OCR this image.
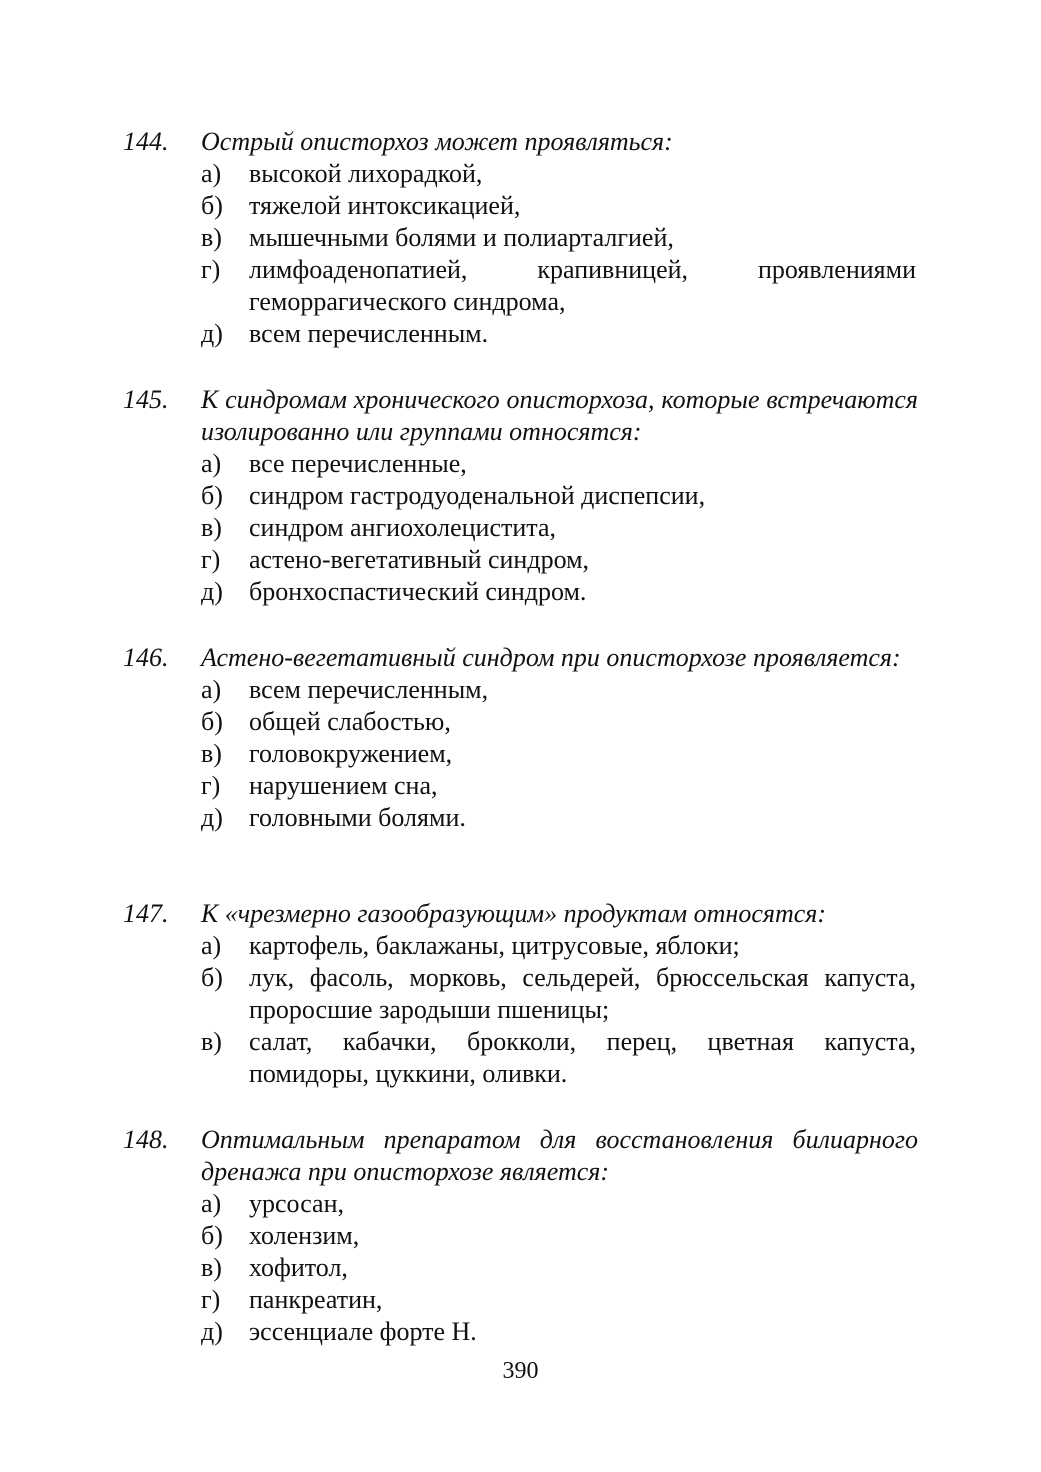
144.	Острый описторхоз может проявляться:
а)	высокой лихорадкой,
б)	тяжелой интоксикацией,
в)	мышечными болями и полиарталгией,
г)	лимфоаденопатией, крапивницей, проявлениями геморрагического синдрома,
д)	всем перечисленным.
145.	К синдромам хронического описторхоза, которые встречаются изолированно или группами относятся:
а)	все перечисленные,
б)	синдром гастродуоденальной диспепсии,
в)	синдром ангиохолецистита,
г)	астено-вегетативный синдром,
д)	бронхоспастический синдром.
146.	Астено-вегетативный синдром при описторхозе проявляется:
а)	всем перечисленным,
б)	общей слабостью,
в)	головокружением,
г)	нарушением сна,
д)	головными болями.
147.	К «чрезмерно газообразующим» продуктам относятся:
а)	картофель, баклажаны, цитрусовые, яблоки;
б)	лук, фасоль, морковь, сельдерей, брюссельская капуста, проросшие зародыши пшеницы;
в)	салат, кабачки, брокколи, перец, цветная капуста, помидоры, цуккини, оливки.
148.	Оптимальным препаратом для восстановления билиарного дренажа при описторхозе является:
а)	урсосан,
б)	холензим,
в)	хофитол,
г)	панкреатин,
д)	эссенциале форте Н.
390
